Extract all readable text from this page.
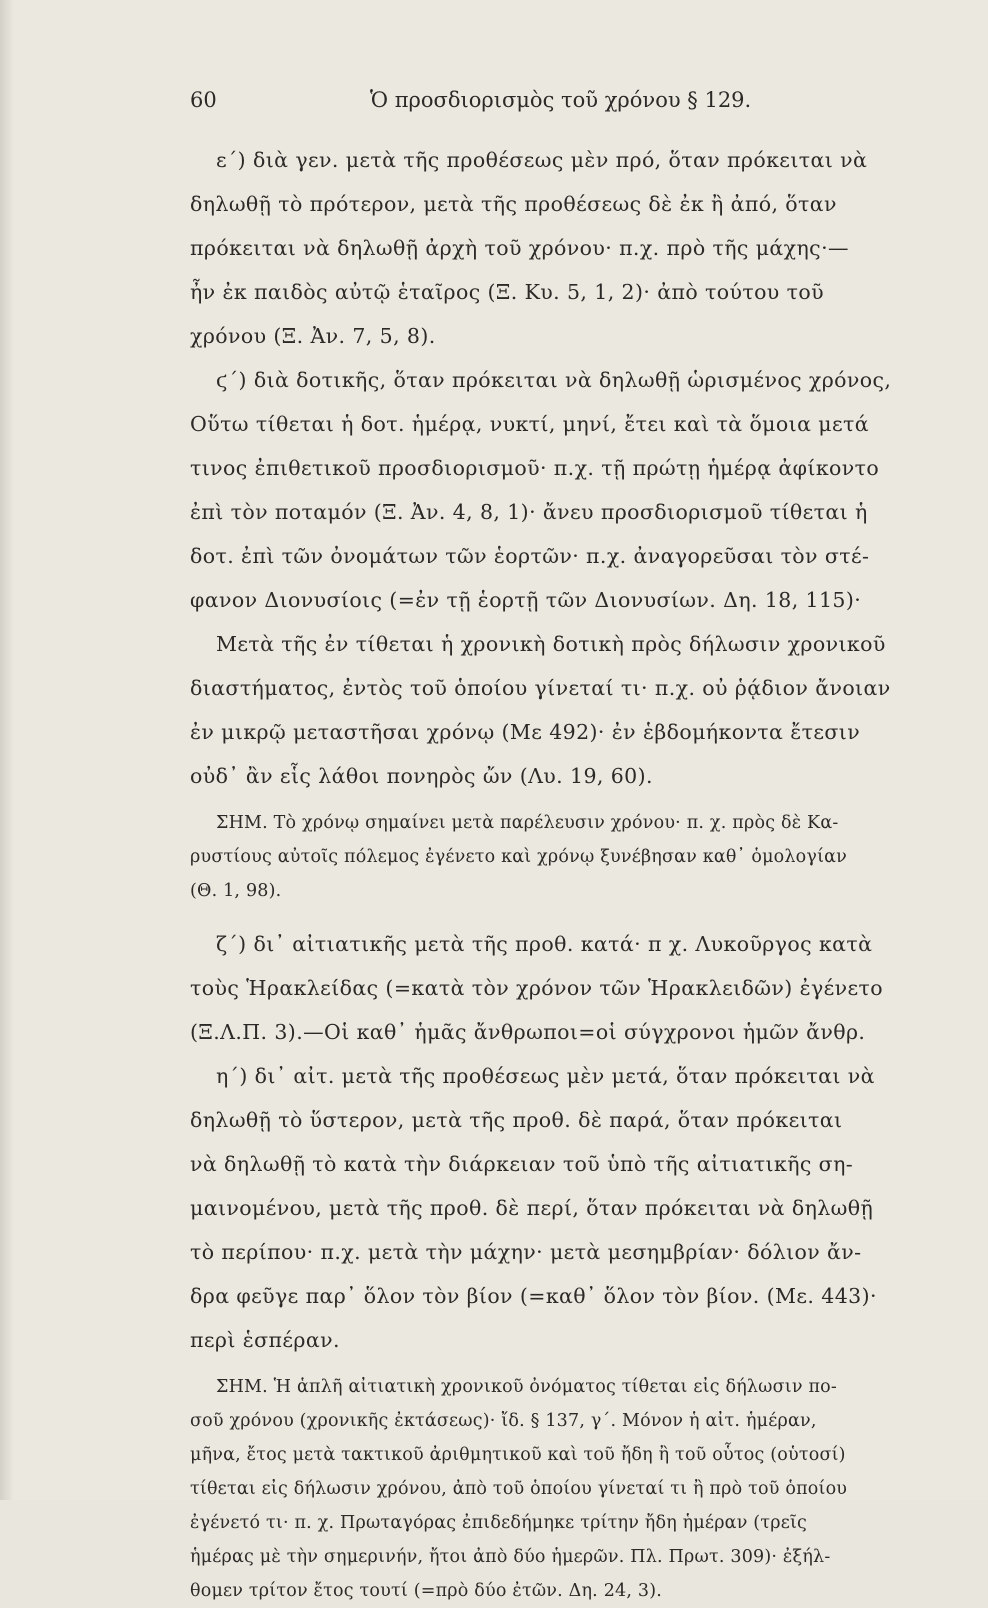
60	Ὁ προσδιορισμὸς τοῦ χρόνου § 129.
ε΄) διὰ γεν. μετὰ τῆς προθέσεως μὲν πρό, ὅταν πρόκειται νὰ
δηλωθῇ τὸ πρότερον, μετὰ τῆς προθέσεως δὲ ἐκ ἢ ἀπό, ὅταν
πρόκειται νὰ δηλωθῇ ἀρχὴ τοῦ χρόνου· π.χ. πρὸ τῆς μάχης·—
ἦν ἐκ παιδὸς αὐτῷ ἑταῖρος (Ξ. Κυ. 5, 1, 2)· ἀπὸ τούτου τοῦ
χρόνου (Ξ. Ἀν. 7, 5, 8).
ϛ΄) διὰ δοτικῆς, ὅταν πρόκειται νὰ δηλωθῇ ὡρισμένος χρόνος,
Οὕτω τίθεται ἡ δοτ. ἡμέρᾳ, νυκτί, μηνί, ἔτει καὶ τὰ ὅμοια μετά
τινος ἐπιθετικοῦ προσδιορισμοῦ· π.χ. τῇ πρώτῃ ἡμέρᾳ ἀφίκοντο
ἐπὶ τὸν ποταμόν (Ξ. Ἀν. 4, 8, 1)· ἄνευ προσδιορισμοῦ τίθεται ἡ
δοτ. ἐπὶ τῶν ὀνομάτων τῶν ἑορτῶν· π.χ. ἀναγορεῦσαι τὸν στέ-
φανον Διονυσίοις (=ἐν τῇ ἑορτῇ τῶν Διονυσίων. Δη. 18, 115)·
Μετὰ τῆς ἐν τίθεται ἡ χρονικὴ δοτικὴ πρὸς δήλωσιν χρονικοῦ
διαστήματος, ἐντὸς τοῦ ὁποίου γίνεταί τι· π.χ. οὐ ῥᾴδιον ἄνοιαν
ἐν μικρῷ μεταστῆσαι χρόνῳ (Με 492)· ἐν ἑβδομήκοντα ἔτεσιν
οὐδ᾽ ἂν εἷς λάθοι πονηρὸς ὤν (Λυ. 19, 60).
ΣΗΜ. Τὸ χρόνῳ σημαίνει μετὰ παρέλευσιν χρόνου· π. χ. πρὸς δὲ Κα-
ρυστίους αὐτοῖς πόλεμος ἐγένετο καὶ χρόνῳ ξυνέβησαν καθ᾽ ὁμολογίαν
(Θ. 1, 98).
ζ΄) δι᾽ αἰτιατικῆς μετὰ τῆς προθ. κατά· π χ. Λυκοῦργος κατὰ
τοὺς Ἡρακλείδας (=κατὰ τὸν χρόνον τῶν Ἡρακλειδῶν) ἐγένετο
(Ξ.Λ.Π. 3).—Οἱ καθ᾽ ἡμᾶς ἄνθρωποι=οἱ σύγχρονοι ἡμῶν ἄνθρ.
η΄) δι᾽ αἰτ. μετὰ τῆς προθέσεως μὲν μετά, ὅταν πρόκειται νὰ
δηλωθῇ τὸ ὕστερον, μετὰ τῆς προθ. δὲ παρά, ὅταν πρόκειται
νὰ δηλωθῇ τὸ κατὰ τὴν διάρκειαν τοῦ ὑπὸ τῆς αἰτιατικῆς ση-
μαινομένου, μετὰ τῆς προθ. δὲ περί, ὅταν πρόκειται νὰ δηλωθῇ
τὸ περίπου· π.χ. μετὰ τὴν μάχην· μετὰ μεσημβρίαν· δόλιον ἄν-
δρα φεῦγε παρ᾽ ὅλον τὸν βίον (=καθ᾽ ὅλον τὸν βίον. (Με. 443)·
περὶ ἑσπέραν.
ΣΗΜ. Ἡ ἁπλῆ αἰτιατικὴ χρονικοῦ ὀνόματος τίθεται εἰς δήλωσιν πο-
σοῦ χρόνου (χρονικῆς ἐκτάσεως)· ἴδ. § 137, γ΄. Μόνον ἡ αἰτ. ἡμέραν,
μῆνα, ἔτος μετὰ τακτικοῦ ἀριθμητικοῦ καὶ τοῦ ἤδη ἢ τοῦ οὗτος (οὑτοσί)
τίθεται εἰς δήλωσιν χρόνου, ἀπὸ τοῦ ὁποίου γίνεταί τι ἢ πρὸ τοῦ ὁποίου
ἐγένετό τι· π. χ. Πρωταγόρας ἐπιδεδήμηκε τρίτην ἤδη ἡμέραν (τρεῖς
ἡμέρας μὲ τὴν σημερινήν, ἤτοι ἀπὸ δύο ἡμερῶν. Πλ. Πρωτ. 309)· ἐξήλ-
θομεν τρίτον ἔτος τουτί (=πρὸ δύο ἐτῶν. Δη. 24, 3).
